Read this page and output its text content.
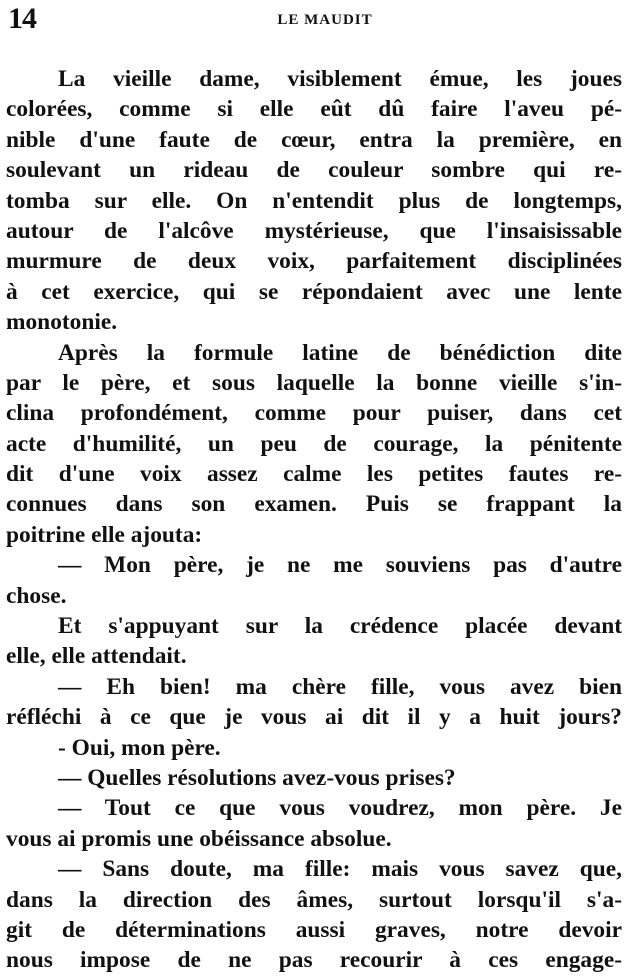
14	LE MAUDIT
La vieille dame, visiblement émue, les joues
colorées, comme si elle eût dû faire l'aveu pé-
nible d'une faute de cœur, entra la première, en
soulevant un rideau de couleur sombre qui re-
tomba sur elle. On n'entendit plus de longtemps,
autour de l'alcôve mystérieuse, que l'insaisissable
murmure de deux voix, parfaitement disciplinées
à cet exercice, qui se répondaient avec une lente
monotonie.
Après la formule latine de bénédiction dite
par le père, et sous laquelle la bonne vieille s'in-
clina profondément, comme pour puiser, dans cet
acte d'humilité, un peu de courage, la pénitente
dit d'une voix assez calme les petites fautes re-
connues dans son examen. Puis se frappant la
poitrine elle ajouta:
— Mon père, je ne me souviens pas d'autre
chose.
Et s'appuyant sur la crédence placée devant
elle, elle attendait.
— Eh bien! ma chère fille, vous avez bien
réfléchi à ce que je vous ai dit il y a huit jours?
- Oui, mon père.
— Quelles résolutions avez-vous prises?
— Tout ce que vous voudrez, mon père. Je
vous ai promis une obéissance absolue.
— Sans doute, ma fille: mais vous savez que,
dans la direction des âmes, surtout lorsqu'il s'a-
git de déterminations aussi graves, notre devoir
nous impose de ne pas recourir à ces engage-
